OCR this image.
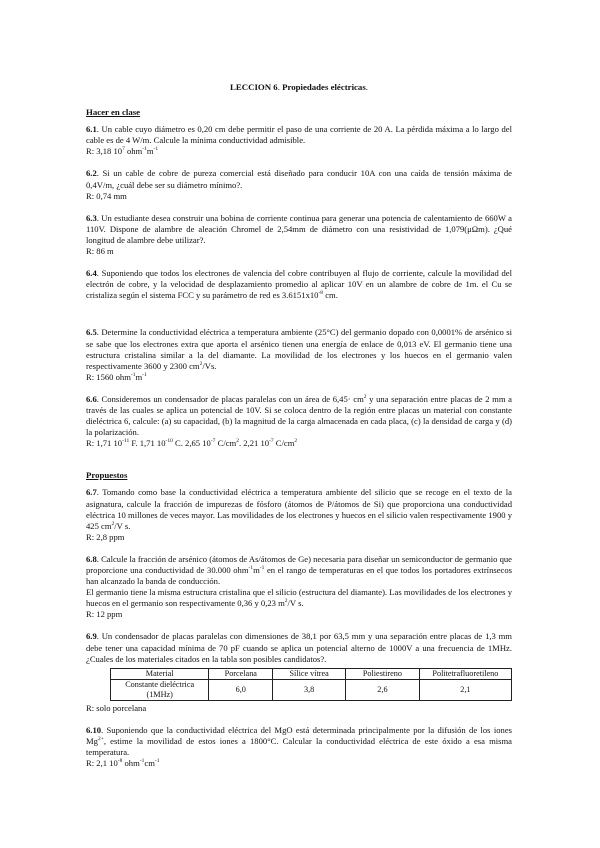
LECCION 6. Propiedades eléctricas.
Hacer en clase
6.1. Un cable cuyo diámetro es 0,20 cm debe permitir el paso de una corriente de 20 A. La pérdida máxima a lo largo del cable es de 4 W/m. Calcule la mínima conductividad admisible.
R: 3,18 $10^7$ $ohm^{-1}m^{-1}$
6.2. Si un cable de cobre de pureza comercial está diseñado para conducir 10A con una caída de tensión máxima de 0,4V/m, ¿cuál debe ser su diámetro mínimo?.
R: 0,74 mm
6.3. Un estudiante desea construir una bobina de corriente continua para generar una potencia de calentamiento de 660W a 110V. Dispone de alambre de aleación Chromel de 2,54mm de diámetro con una resistividad de 1,079(μΩm). ¿Qué longitud de alambre debe utilizar?.
R: 86 m
6.4. Suponiendo que todos los electrones de valencia del cobre contribuyen al flujo de corriente, calcule la movilidad del electrón de cobre, y la velocidad de desplazamiento promedio al aplicar 10V en un alambre de cobre de 1m. el Cu se cristaliza según el sistema FCC y su parámetro de red es $3.6151x10^{-8}$ cm.
6.5. Determine la conductividad eléctrica a temperatura ambiente (25°C) del germanio dopado con 0,0001% de arsénico si se sabe que los electrones extra que aporta el arsénico tienen una energía de enlace de 0,013 eV. El germanio tiene una estructura cristalina similar a la del diamante. La movilidad de los electrones y los huecos en el germanio valen respectivamente 3600 y 2300 $cm^2/Vs$.
R: 1560 $ohm^{-1}m^{-1}$
6.6. Consideremos un condensador de placas paralelas con un área de $6,45\cdot cm^2$ y una separación entre placas de 2 mm a través de las cuales se aplica un potencial de 10V. Si se coloca dentro de la región entre placas un material con constante dieléctrica 6, calcule: (a) su capacidad, (b) la magnitud de la carga almacenada en cada placa, (c) la densidad de carga y (d) la polarización.
R: 1,71 $10^{-11}$ F. 1,71 $10^{-10}$ C. 2,65 $10^{-7}$ $C/cm^2$. 2,21 $10^{-7}$ $C/cm^2$
Propuestos
6.7. Tomando como base la conductividad eléctrica a temperatura ambiente del silicio que se recoge en el texto de la asignatura, calcule la fracción de impurezas de fósforo (átomos de P/átomos de Si) que proporciona una conductividad eléctrica 10 millones de veces mayor. Las movilidades de los electrones y huecos en el silicio valen respectivamente 1900 y 425 $cm^2/V$ s.
R: 2,8 ppm
6.8. Calcule la fracción de arsénico (átomos de As/átomos de Ge) necesaria para diseñar un semiconductor de germanio que proporcione una conductividad de 30.000 $ohm^{-1}m^{-1}$ en el rango de temperaturas en el que todos los portadores extrínsecos han alcanzado la banda de conducción.
El germanio tiene la misma estructura cristalina que el silicio (estructura del diamante). Las movilidades de los electrones y huecos en el germanio son respectivamente 0,36 y 0,23 $m^2/V$ s.
R: 12 ppm
6.9. Un condensador de placas paralelas con dimensiones de 38,1 por 63,5 mm y una separación entre placas de 1,3 mm debe tener una capacidad mínima de 70 pF cuando se aplica un potencial alterno de 1000V a una frecuencia de 1MHz. ¿Cuales de los materiales citados en la tabla son posibles candidatos?.
Material	Porcelana	Sílice vítrea	Poliestireno	Politetrafluoretileno
Constante dieléctrica (1MHz)	6,0	3,8	2,6	2,1
R: solo porcelana
6.10. Suponiendo que la conductividad eléctrica del MgO está determinada principalmente por la difusión de los iones $Mg^{2+}$, estime la movilidad de estos iones a 1800°C. Calcular la conductividad eléctrica de este óxido a esa misma temperatura.
R: 2,1 $10^{-8}$ $ohm^{-1}cm^{-1}$
